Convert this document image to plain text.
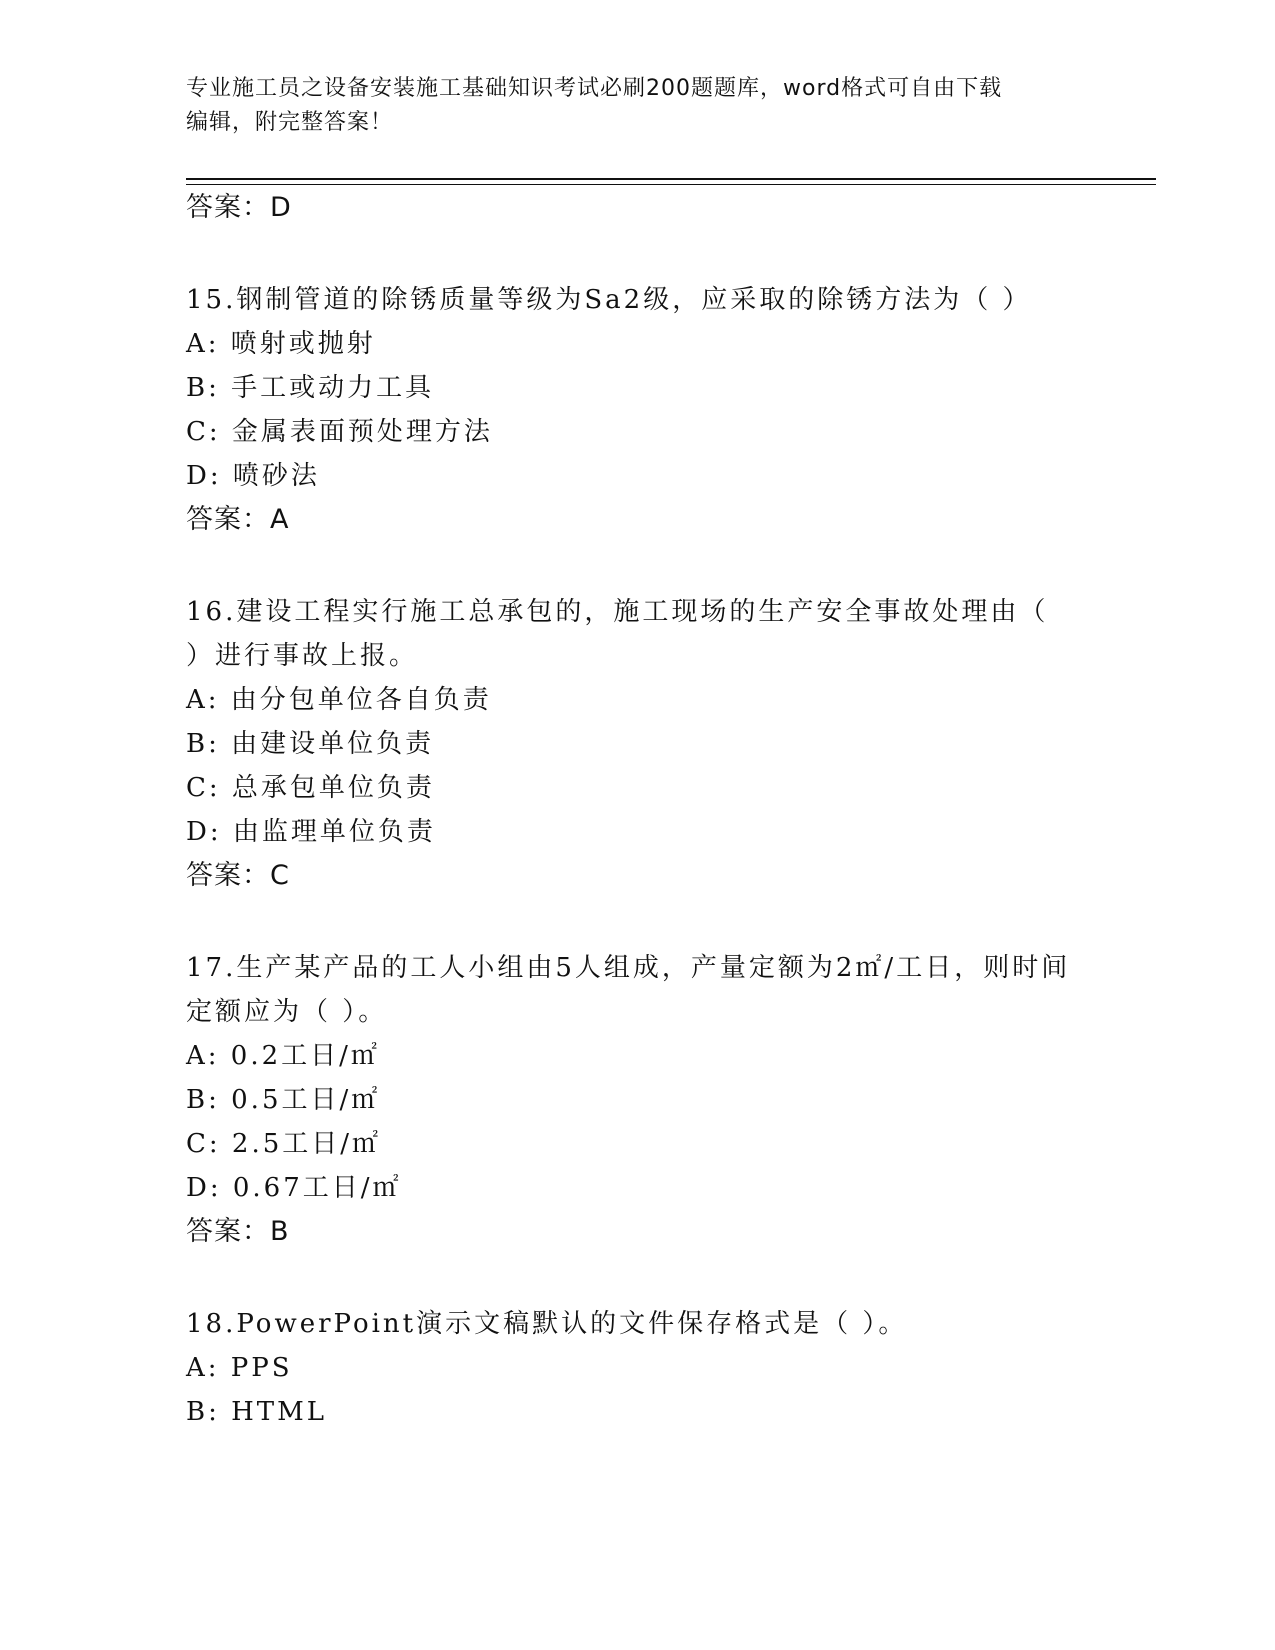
专业施工员之设备安装施工基础知识考试必刷200题题库，word格式可自由下载
编辑，附完整答案！
答案：D
15.钢制管道的除锈质量等级为Sa2级，应采取的除锈方法为（ ）
A: 喷射或抛射
B: 手工或动力工具
C: 金属表面预处理方法
D: 喷砂法
答案：A
16.建设工程实行施工总承包的，施工现场的生产安全事故处理由（
）进行事故上报。
A: 由分包单位各自负责
B: 由建设单位负责
C: 总承包单位负责
D: 由监理单位负责
答案：C
17.生产某产品的工人小组由5人组成，产量定额为2㎡/工日，则时间
定额应为（ ）。
A: 0.2工日/㎡
B: 0.5工日/㎡
C: 2.5工日/㎡
D: 0.67工日/㎡
答案：B
18.PowerPoint演示文稿默认的文件保存格式是（ ）。
A: PPS
B: HTML
